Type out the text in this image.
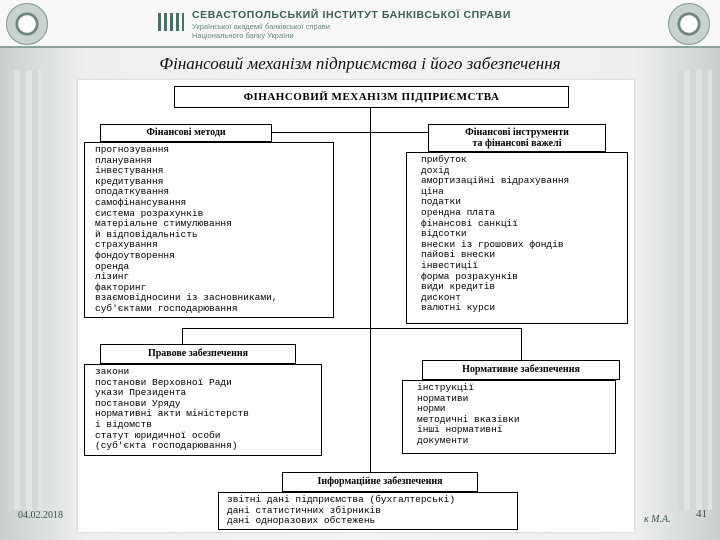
СЕВАСТОПОЛЬСЬКИЙ ІНСТИТУТ БАНКІВСЬКОЇ СПРАВИ
Української академії банківської справи
Національного банку України
Фінансовий механізм підприємства і його забезпечення
ФІНАНСОВИЙ МЕХАНІЗМ ПІДПРИЄМСТВА
Фінансові методи
прогнозування
планування
інвестування
кредитування
оподаткування
самофінансування
система розрахунків
матеріальне стимулювання
й відповідальність
страхування
фондоутворення
оренда
лізинг
факторинг
взаємовідносини із засновниками,
суб'єктами господарювання
Фінансові інструменти
та фінансові важелі
прибуток
дохід
амортизаційні відрахування
ціна
податки
орендна плата
фінансові санкції
відсотки
внески із грошових фондів
пайові внески
інвестиції
форма розрахунків
види кредитів
дисконт
валютні курси
Правове забезпечення
закони
постанови Верховної Ради
укази Президента
постанови Уряду
нормативні акти міністерств
і відомств
статут юридичної особи
(суб'єкта господарювання)
Нормативне забезпечення
інструкції
нормативи
норми
методичні вказівки
інші нормативні
документи
Інформаційне забезпечення
звітні дані підприємства (бухгалтерські)
дані статистичних збірників
дані одноразових обстежень
04.02.2018	к М.А. 41
